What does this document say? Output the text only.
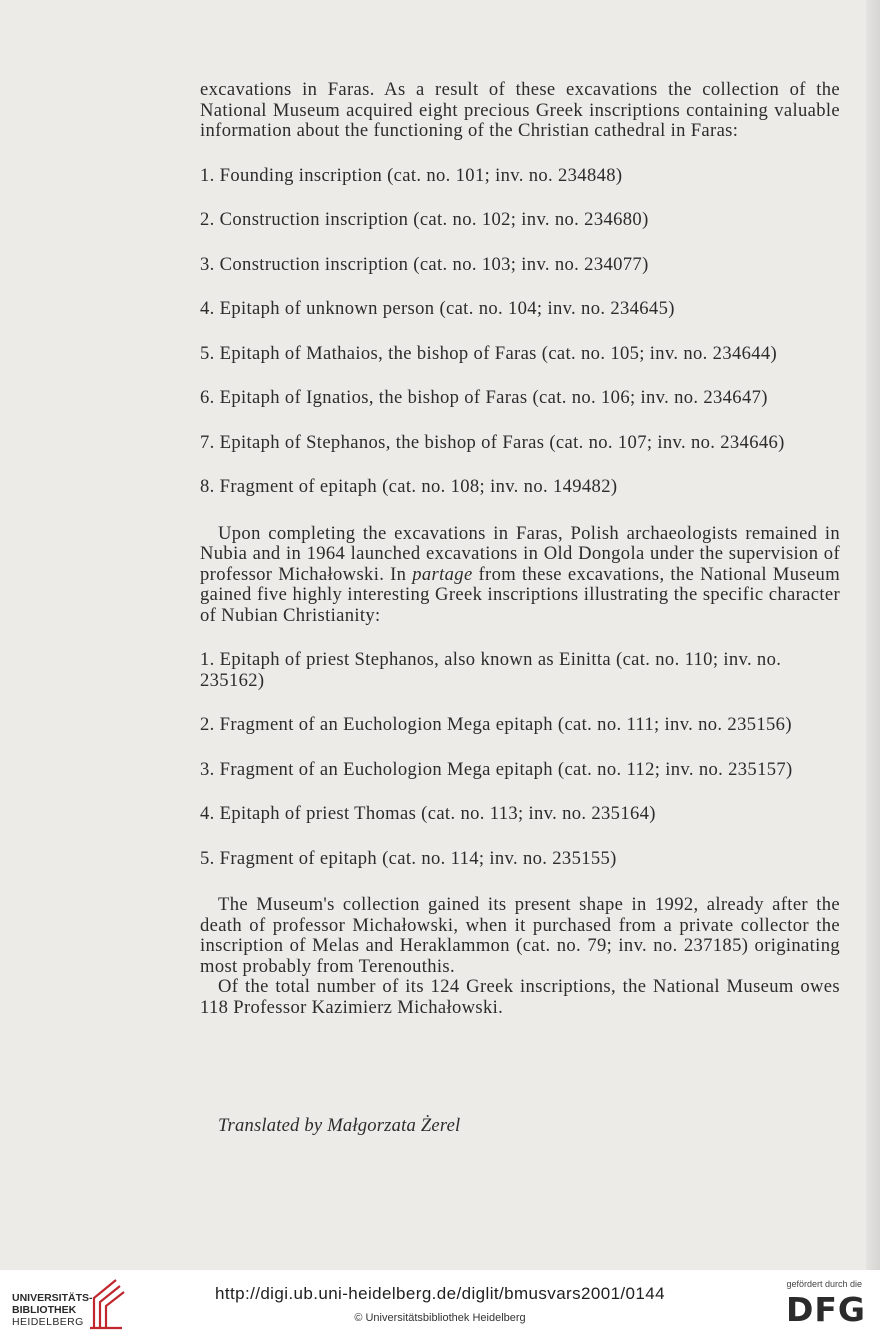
excavations in Faras. As a result of these excavations the collection of the National Museum acquired eight precious Greek inscriptions containing valuable information about the functioning of the Christian cathedral in Faras:

1. Founding inscription (cat. no. 101; inv. no. 234848)

2. Construction inscription (cat. no. 102; inv. no. 234680)

3. Construction inscription (cat. no. 103; inv. no. 234077)

4. Epitaph of unknown person (cat. no. 104; inv. no. 234645)

5. Epitaph of Mathaios, the bishop of Faras (cat. no. 105; inv. no. 234644)

6. Epitaph of Ignatios, the bishop of Faras (cat. no. 106; inv. no. 234647)

7. Epitaph of Stephanos, the bishop of Faras (cat. no. 107; inv. no. 234646)

8. Fragment of epitaph (cat. no. 108; inv. no. 149482)

Upon completing the excavations in Faras, Polish archaeologists remained in Nubia and in 1964 launched excavations in Old Dongola under the supervision of professor Michałowski. In partage from these excavations, the National Museum gained five highly interesting Greek inscriptions illustrating the specific character of Nubian Christianity:

1. Epitaph of priest Stephanos, also known as Einitta (cat. no. 110; inv. no. 235162)

2. Fragment of an Euchologion Mega epitaph (cat. no. 111; inv. no. 235156)

3. Fragment of an Euchologion Mega epitaph (cat. no. 112; inv. no. 235157)

4. Epitaph of priest Thomas (cat. no. 113; inv. no. 235164)

5. Fragment of epitaph (cat. no. 114; inv. no. 235155)

The Museum's collection gained its present shape in 1992, already after the death of professor Michałowski, when it purchased from a private collector the inscription of Melas and Heraklammon (cat. no. 79; inv. no. 237185) originating most probably from Terenouthis.

Of the total number of its 124 Greek inscriptions, the National Museum owes 118 Professor Kazimierz Michałowski.

Translated by Małgorzata Żerel
UNIVERSITÄTS-
BIBLIOTHEK
HEIDELBERG
http://digi.ub.uni-heidelberg.de/diglit/bmusvars2001/0144
© Universitätsbibliothek Heidelberg
gefördert durch die
DFG
